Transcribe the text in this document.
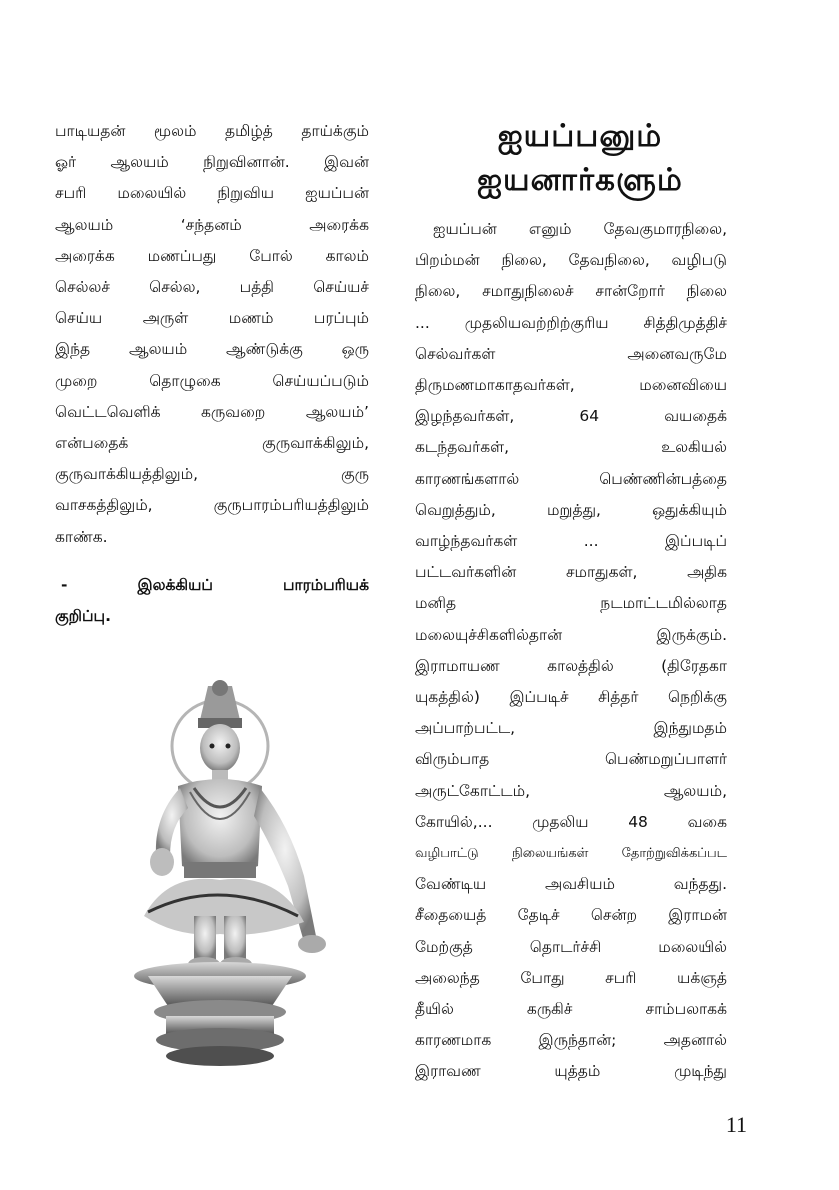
பாடியதன் மூலம் தமிழ்த் தாய்க்கும்
ஓர் ஆலயம் நிறுவினான். இவன்
சபரி மலையில் நிறுவிய ஐயப்பன்
ஆலயம் ‘சந்தனம் அரைக்க
அரைக்க மணப்பது போல் காலம்
செல்லச் செல்ல, பத்தி செய்யச்
செய்ய அருள் மணம் பரப்பும்
இந்த ஆலயம் ஆண்டுக்கு ஒரு
முறை தொழுகை செய்யப்படும்
வெட்டவெளிக் கருவறை ஆலயம்’
என்பதைக் குருவாக்கிலும்,
குருவாக்கியத்திலும், குரு
வாசகத்திலும், குருபாரம்பரியத்திலும்
காண்க.
- இலக்கியப் பாரம்பரியக்
குறிப்பு.
ஐயப்பனும்
ஐயனார்களும்
ஐயப்பன் எனும் தேவகுமாரநிலை,
பிறம்மன் நிலை, தேவநிலை, வழிபடு
நிலை, சமாதுநிலைச் சான்றோர் நிலை
... முதலியவற்றிற்குரிய சித்திமுத்திச்
செல்வர்கள் அனைவருமே
திருமணமாகாதவர்கள், மனைவியை
இழந்தவர்கள், 64 வயதைக்
கடந்தவர்கள், உலகியல்
காரணங்களால் பெண்ணின்பத்தை
வெறுத்தும், மறுத்து, ஒதுக்கியும்
வாழ்ந்தவர்கள் ... இப்படிப்
பட்டவர்களின் சமாதுகள், அதிக
மனித நடமாட்டமில்லாத
மலையுச்சிகளில்தான் இருக்கும்.
இராமாயண காலத்தில் (திரேதகா
யுகத்தில்) இப்படிச் சித்தர் நெறிக்கு
அப்பாற்பட்ட, இந்துமதம்
விரும்பாத பெண்மறுப்பாளர்
அருட்கோட்டம், ஆலயம்,
கோயில்,... முதலிய 48 வகை
வழிபாட்டு நிலையங்கள் தோற்றுவிக்கப்பட
வேண்டிய அவசியம் வந்தது.
சீதையைத் தேடிச் சென்ற இராமன்
மேற்குத் தொடர்ச்சி மலையில்
அலைந்த போது சபரி யக்ஞத்
தீயில் கருகிச் சாம்பலாகக்
காரணமாக இருந்தான்; அதனால்
இராவண யுத்தம் முடிந்து
11
